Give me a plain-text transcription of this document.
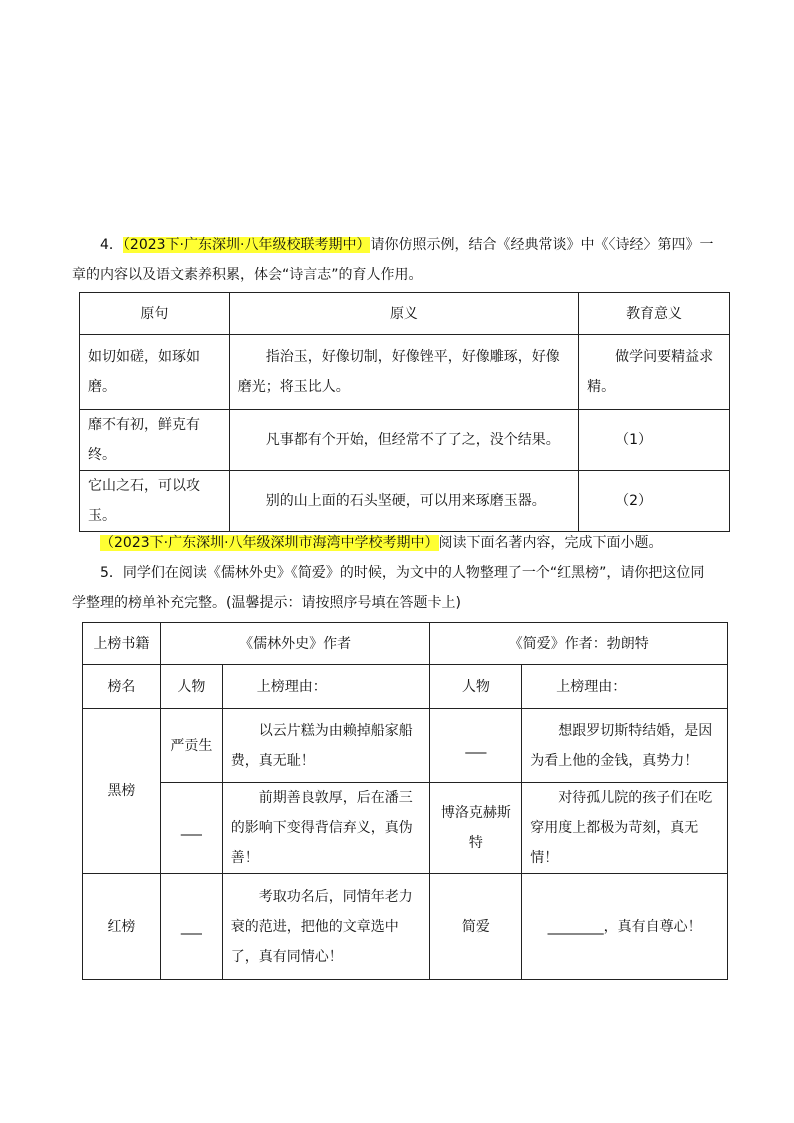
4．（2023下·广东深圳·八年级校联考期中）请你仿照示例，结合《经典常谈》中《〈诗经〉第四》一
章的内容以及语文素养积累，体会“诗言志”的育人作用。
原句	原义	教育意义
如切如磋，如琢如磨。	指治玉，好像切制，好像锉平，好像雕琢，好像磨光；将玉比人。	做学问要精益求精。
靡不有初，鲜克有终。	凡事都有个开始，但经常不了了之，没个结果。	（1）
它山之石，可以攻玉。	别的山上面的石头坚硬，可以用来琢磨玉器。	（2）
（2023下·广东深圳·八年级深圳市海湾中学校考期中）阅读下面名著内容，完成下面小题。
5．同学们在阅读《儒林外史》《简爱》的时候，为文中的人物整理了一个“红黑榜”，请你把这位同
学整理的榜单补充完整。(温馨提示：请按照序号填在答题卡上)
上榜书籍	《儒林外史》作者		《简爱》作者：勃朗特	
榜名	人物	上榜理由：	人物	上榜理由：
黑榜	严贡生	以云片糕为由赖掉船家船费，真无耻！	___	想跟罗切斯特结婚，是因为看上他的金钱，真势力！
	___	前期善良敦厚，后在潘三的影响下变得背信弃义，真伪善！	博洛克赫斯特	对待孤儿院的孩子们在吃穿用度上都极为苛刻，真无情！
红榜	___	考取功名后，同情年老力衰的范进，把他的文章选中了，真有同情心！	简爱	________，真有自尊心！
